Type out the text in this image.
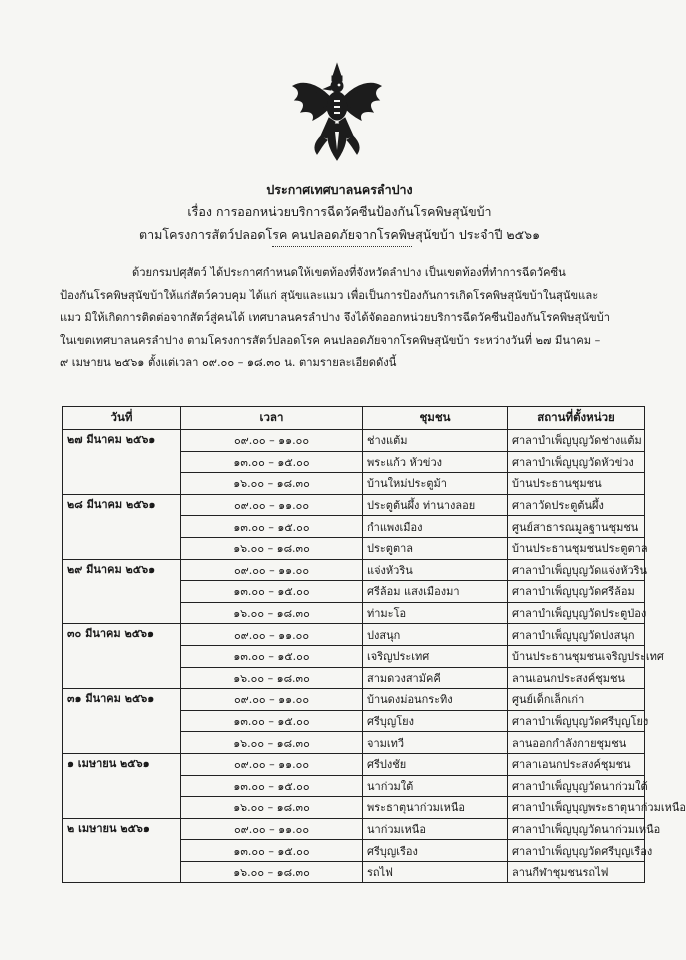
ประกาศเทศบาลนครลำปาง
เรื่อง การออกหน่วยบริการฉีดวัคซีนป้องกันโรคพิษสุนัขบ้า
ตามโครงการสัตว์ปลอดโรค คนปลอดภัยจากโรคพิษสุนัขบ้า ประจำปี ๒๕๖๑

ด้วยกรมปศุสัตว์ ได้ประกาศกำหนดให้เขตท้องที่จังหวัดลำปาง เป็นเขตท้องที่ทำการฉีดวัคซีน

ป้องกันโรคพิษสุนัขบ้าให้แก่สัตว์ควบคุม ได้แก่ สุนัขและแมว เพื่อเป็นการป้องกันการเกิดโรคพิษสุนัขบ้าในสุนัขและ

แมว มิให้เกิดการติดต่อจากสัตว์สู่คนได้ เทศบาลนครลำปาง จึงได้จัดออกหน่วยบริการฉีดวัคซีนป้องกันโรคพิษสุนัขบ้า

ในเขตเทศบาลนครลำปาง ตามโครงการสัตว์ปลอดโรค คนปลอดภัยจากโรคพิษสุนัขบ้า ระหว่างวันที่ ๒๗ มีนาคม –

๙ เมษายน ๒๕๖๑ ตั้งแต่เวลา ๐๙.๐๐ – ๑๘.๓๐ น. ตามรายละเอียดดังนี้

วันที่	เวลา	ชุมชน	สถานที่ตั้งหน่วย
๒๗ มีนาคม ๒๕๖๑	๐๙.๐๐ – ๑๑.๐๐	ช่างแต้ม	ศาลาบำเพ็ญบุญวัดช่างแต้ม
	๑๓.๐๐ – ๑๕.๐๐	พระแก้ว หัวข่วง	ศาลาบำเพ็ญบุญวัดหัวข่วง
	๑๖.๐๐ – ๑๘.๓๐	บ้านใหม่ประตูม้า	บ้านประธานชุมชน
๒๘ มีนาคม ๒๕๖๑	๐๙.๐๐ – ๑๑.๐๐	ประตูต้นผึ้ง ท่านางลอย	ศาลาวัดประตูต้นผึ้ง
	๑๓.๐๐ – ๑๕.๐๐	กำแพงเมือง	ศูนย์สาธารณมูลฐานชุมชน
	๑๖.๐๐ – ๑๘.๓๐	ประตูตาล	บ้านประธานชุมชนประตูตาล
๒๙ มีนาคม ๒๕๖๑	๐๙.๐๐ – ๑๑.๐๐	แจ่งหัวริน	ศาลาบำเพ็ญบุญวัดแจ่งหัวริน
	๑๓.๐๐ – ๑๕.๐๐	ศรีล้อม แสงเมืองมา	ศาลาบำเพ็ญบุญวัดศรีล้อม
	๑๖.๐๐ – ๑๘.๓๐	ท่ามะโอ	ศาลาบำเพ็ญบุญวัดประตูป่อง
๓๐ มีนาคม ๒๕๖๑	๐๙.๐๐ – ๑๑.๐๐	ปงสนุก	ศาลาบำเพ็ญบุญวัดปงสนุก
	๑๓.๐๐ – ๑๕.๐๐	เจริญประเทศ	บ้านประธานชุมชนเจริญประเทศ
	๑๖.๐๐ – ๑๘.๓๐	สามดวงสามัคคี	ลานเอนกประสงค์ชุมชน
๓๑ มีนาคม ๒๕๖๑	๐๙.๐๐ – ๑๑.๐๐	บ้านดงม่อนกระทิง	ศูนย์เด็กเล็กเก่า
	๑๓.๐๐ – ๑๕.๐๐	ศรีบุญโยง	ศาลาบำเพ็ญบุญวัดศรีบุญโยง
	๑๖.๐๐ – ๑๘.๓๐	จามเทวี	ลานออกกำลังกายชุมชน
๑ เมษายน ๒๕๖๑	๐๙.๐๐ – ๑๑.๐๐	ศรีปงชัย	ศาลาเอนกประสงค์ชุมชน
	๑๓.๐๐ – ๑๕.๐๐	นาก่วมใต้	ศาลาบำเพ็ญบุญวัดนาก่วมใต้
	๑๖.๐๐ – ๑๘.๓๐	พระธาตุนาก่วมเหนือ	ศาลาบำเพ็ญบุญพระธาตุนาก่วมเหนือ
๒ เมษายน ๒๕๖๑	๐๙.๐๐ – ๑๑.๐๐	นาก่วมเหนือ	ศาลาบำเพ็ญบุญวัดนาก่วมเหนือ
	๑๓.๐๐ – ๑๕.๐๐	ศรีบุญเรือง	ศาลาบำเพ็ญบุญวัดศรีบุญเรือง
	๑๖.๐๐ – ๑๘.๓๐	รถไฟ	ลานกีฬาชุมชนรถไฟ
